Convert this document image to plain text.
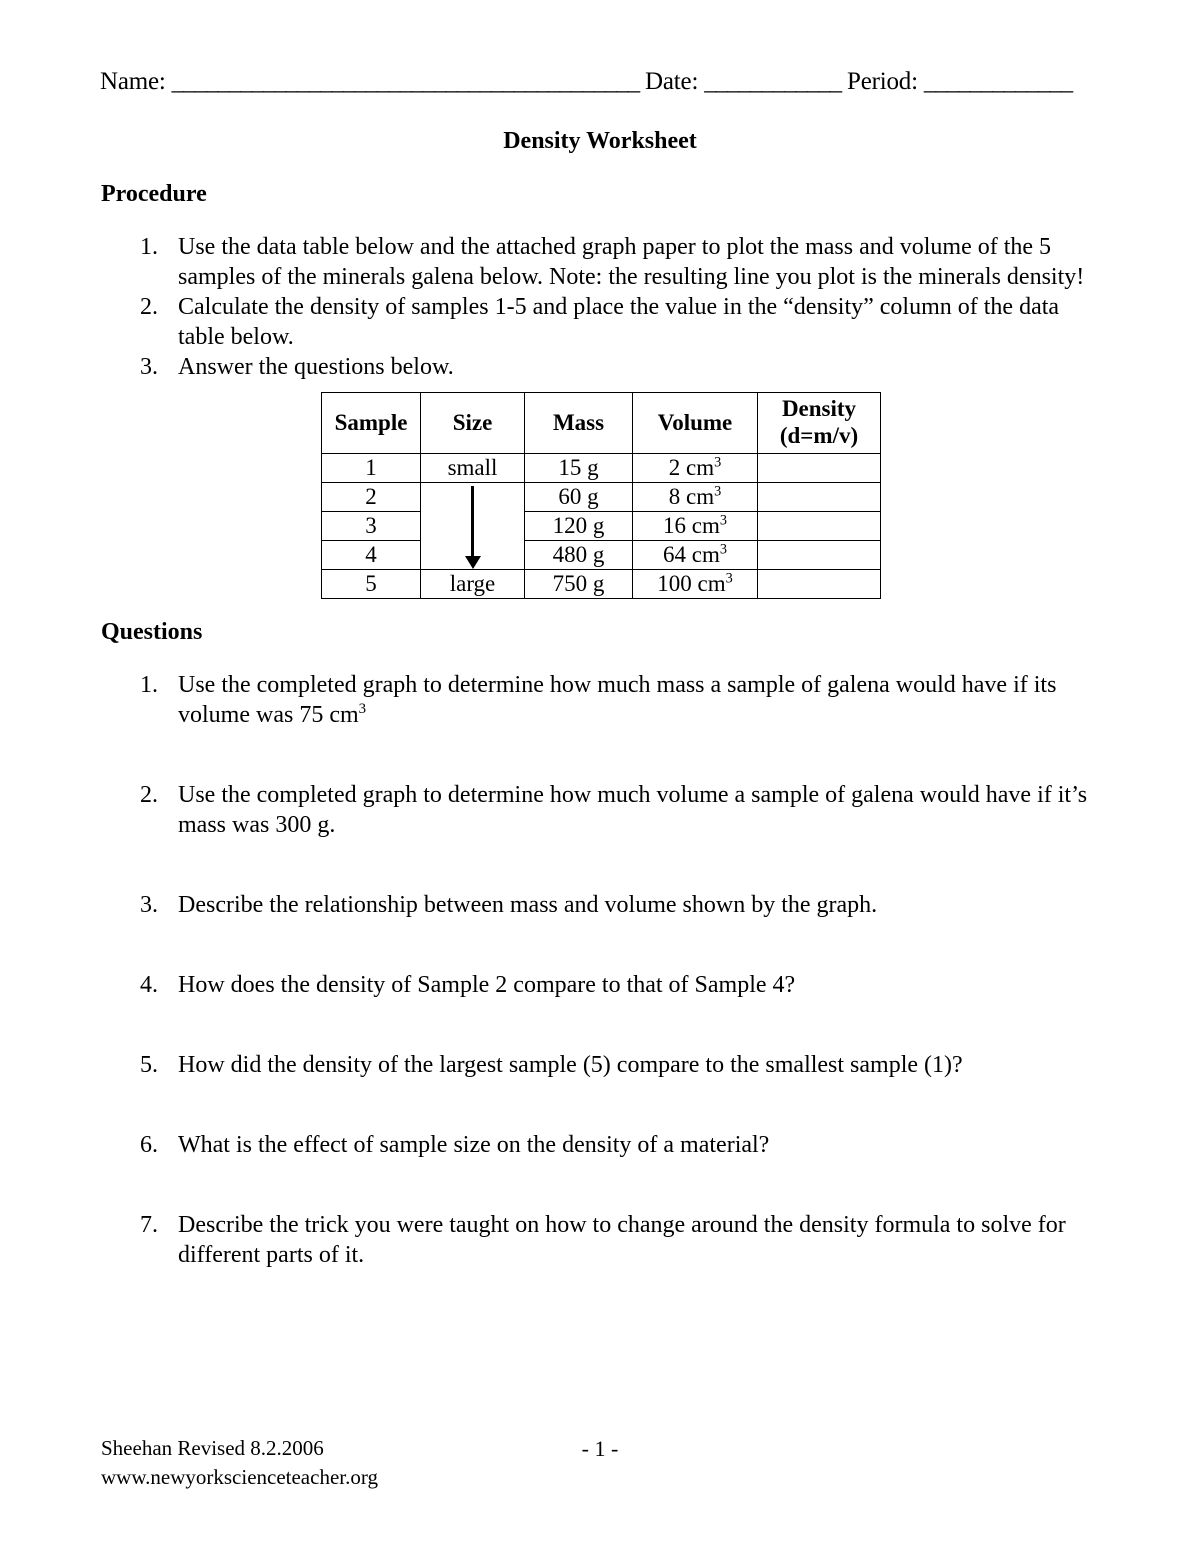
Name: _________________________________________ Date: ____________ Period: _____________
Density Worksheet
Procedure
1. Use the data table below and the attached graph paper to plot the mass and volume of the 5 samples of the minerals galena below. Note: the resulting line you plot is the minerals density!
2. Calculate the density of samples 1-5 and place the value in the “density” column of the data table below.
3. Answer the questions below.
Sample	Size	Mass	Volume	Density
(d=m/v)

1	small	15 g	2 $cm^3$	
2		60 g	8 $cm^3$	
3		120 g	16 $cm^3$	
4		480 g	64 $cm^3$	
5	large	750 g	100 $cm^3$	
Questions
1. Use the completed graph to determine how much mass a sample of galena would have if its volume was 75 $cm^3$
2. Use the completed graph to determine how much volume a sample of galena would have if it’s mass was 300 g.
3. Describe the relationship between mass and volume shown by the graph.
4. How does the density of Sample 2 compare to that of Sample 4?
5. How did the density of the largest sample (5) compare to the smallest sample (1)?
6. What is the effect of sample size on the density of a material?
7. Describe the trick you were taught on how to change around the density formula to solve for different parts of it.
Sheehan Revised 8.2.2006
www.newyorkscienceteacher.org
- 1 -
